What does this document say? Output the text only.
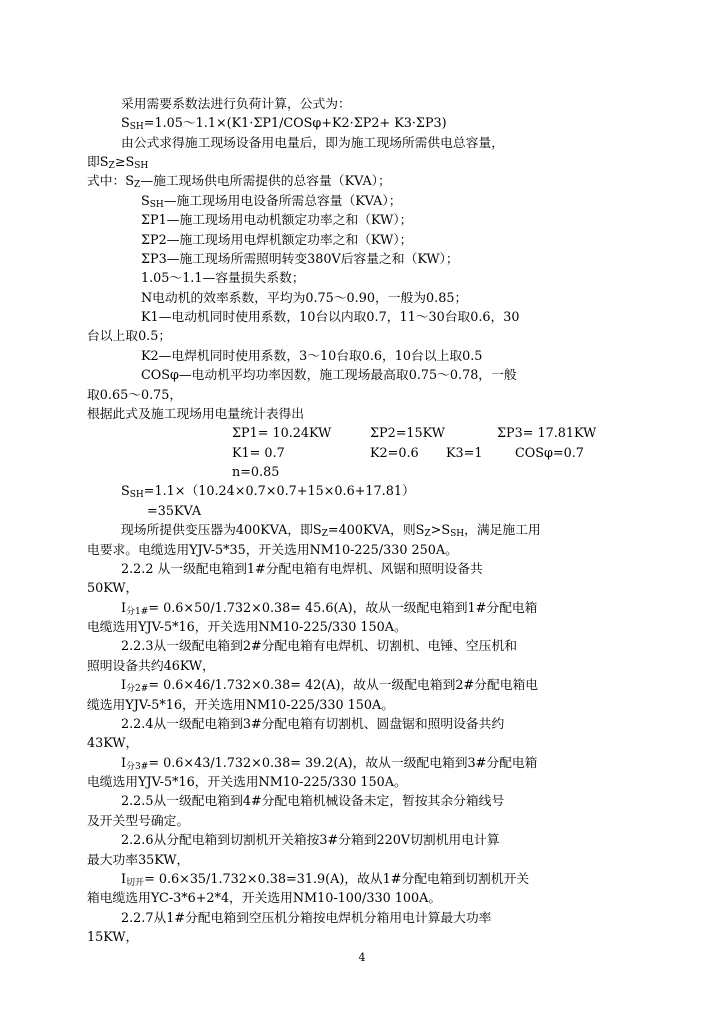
采用需要系数法进行负荷计算，公式为：
$S_{SH}=1.05\sim 1.1\times(K1\cdot\Sigma P1/COS\varphi+K2\cdot\Sigma P2+ K3\cdot\Sigma P3)$
由公式求得施工现场设备用电量后，即为施工现场所需供电总容量，
即$S_Z\ge S_{SH}$
式中：$S_Z—$施工现场供电所需提供的总容量（KVA）；
$S_{SH}—$施工现场用电设备所需总容量（KVA）；
ΣP1—施工现场用电动机额定功率之和（KW）；
ΣP2—施工现场用电焊机额定功率之和（KW）；
ΣP3—施工现场所需照明转变380V后容量之和（KW）；
1.05～1.1—容量损失系数；
N电动机的效率系数，平均为0.75～0.90，一般为0.85；
K1—电动机同时使用系数，10台以内取0.7，11～30台取0.6，30
台以上取0.5；
K2—电焊机同时使用系数，3～10台取0.6，10台以上取0.5
COSφ—电动机平均功率因数，施工现场最高取0.75～0.78，一般
取0.65～0.75，
根据此式及施工现场用电量统计表得出
ΣP1= 10.24KW	ΣP2=15KW	ΣP3= 17.81KW
K1= 0.7	K2=0.6 K3=1	COSφ=0.7
n=0.85
$S_{SH}=1.1\times(10.24\times 0.7\times 0.7+15\times 0.6+17.81)$
=35KVA
现场所提供变压器为400KVA，即$S_Z=400KVA$，则$S_Z>S_{SH}$，满足施工用
电要求。电缆选用YJV-5*35，开关选用NM10-225/330 250A。
2.2.2 从一级配电箱到1#分配电箱有电焊机、风锯和照明设备共
50KW，
$I_{分1\#}= 0.6\times 50/1.732\times 0.38= 45.6(A)$，故从一级配电箱到1#分配电箱
电缆选用YJV-5*16，开关选用NM10-225/330 150A。
2.2.3从一级配电箱到2#分配电箱有电焊机、切割机、电锤、空压机和
照明设备共约46KW，
$I_{分2\#}= 0.6\times 46/1.732\times 0.38= 42(A)$，故从一级配电箱到2#分配电箱电
缆选用YJV-5*16，开关选用NM10-225/330 150A。
2.2.4从一级配电箱到3#分配电箱有切割机、圆盘锯和照明设备共约
43KW，
$I_{分3\#}= 0.6\times 43/1.732\times 0.38= 39.2(A)$，故从一级配电箱到3#分配电箱
电缆选用YJV-5*16，开关选用NM10-225/330 150A。
2.2.5从一级配电箱到4#分配电箱机械设备未定，暂按其余分箱线号
及开关型号确定。
2.2.6从分配电箱到切割机开关箱按3#分箱到220V切割机用电计算
最大功率35KW，
$I_{切开}= 0.6\times 35/1.732\times 0.38=31.9(A)$，故从1#分配电箱到切割机开关
箱电缆选用YC-3*6+2*4，开关选用NM10-100/330 100A。
2.2.7从1#分配电箱到空压机分箱按电焊机分箱用电计算最大功率
15KW，
4
